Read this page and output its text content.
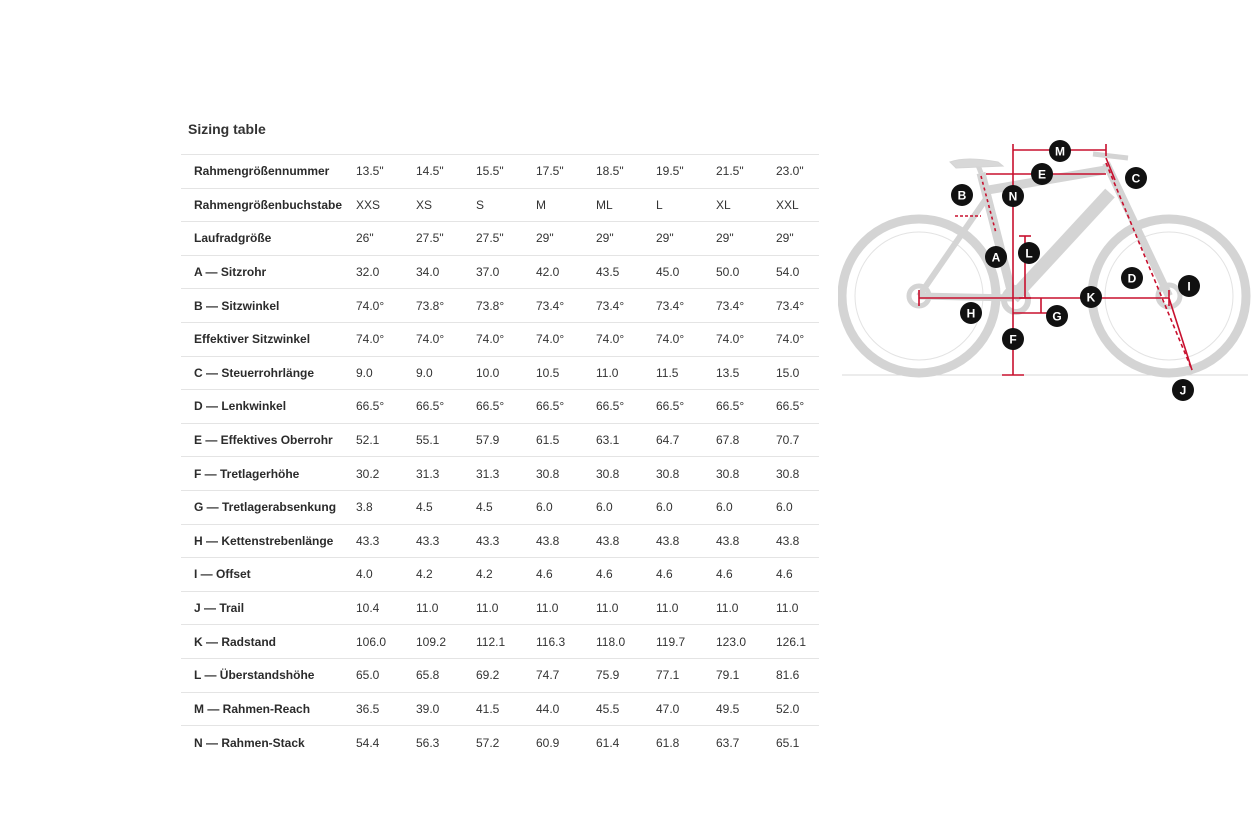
Sizing table
Rahmengrößennummer	13.5"	14.5"	15.5"	17.5"	18.5"	19.5"	21.5"	23.0"
Rahmengrößenbuchstabe	XXS	XS	S	M	ML	L	XL	XXL
Laufradgröße	26"	27.5"	27.5"	29"	29"	29"	29"	29"
A — Sitzrohr	32.0	34.0	37.0	42.0	43.5	45.0	50.0	54.0
B — Sitzwinkel	74.0°	73.8°	73.8°	73.4°	73.4°	73.4°	73.4°	73.4°
Effektiver Sitzwinkel	74.0°	74.0°	74.0°	74.0°	74.0°	74.0°	74.0°	74.0°
C — Steuerrohrlänge	9.0	9.0	10.0	10.5	11.0	11.5	13.5	15.0
D — Lenkwinkel	66.5°	66.5°	66.5°	66.5°	66.5°	66.5°	66.5°	66.5°
E — Effektives Oberrohr	52.1	55.1	57.9	61.5	63.1	64.7	67.8	70.7
F — Tretlagerhöhe	30.2	31.3	31.3	30.8	30.8	30.8	30.8	30.8
G — Tretlagerabsenkung	3.8	4.5	4.5	6.0	6.0	6.0	6.0	6.0
H — Kettenstrebenlänge	43.3	43.3	43.3	43.8	43.8	43.8	43.8	43.8
I — Offset	4.0	4.2	4.2	4.6	4.6	4.6	4.6	4.6
J — Trail	10.4	11.0	11.0	11.0	11.0	11.0	11.0	11.0
K — Radstand	106.0	109.2	112.1	116.3	118.0	119.7	123.0	126.1
L — Überstandshöhe	65.0	65.8	69.2	74.7	75.9	77.1	79.1	81.6
M — Rahmen-Reach	36.5	39.0	41.5	44.0	45.5	47.0	49.5	52.0
N — Rahmen-Stack	54.4	56.3	57.2	60.9	61.4	61.8	63.7	65.1
A
B
C
D
E
F
G
H
I
J
K
L
M
N
